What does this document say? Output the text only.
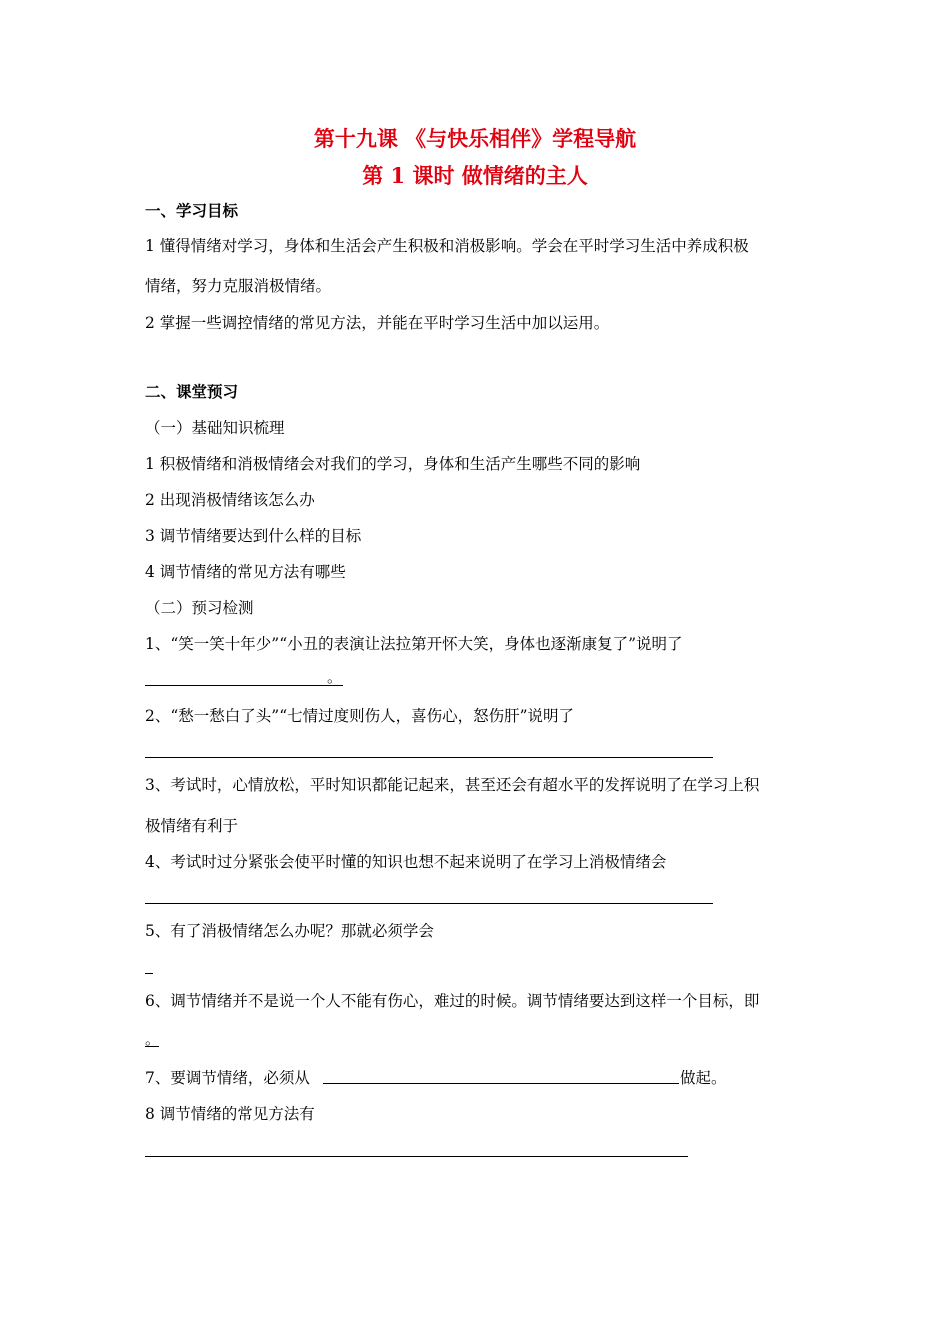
第十九课 《与快乐相伴》学程导航
第 1 课时 做情绪的主人
一、学习目标
1 懂得情绪对学习，身体和生活会产生积极和消极影响。学会在平时学习生活中养成积极
情绪，努力克服消极情绪。
2 掌握一些调控情绪的常见方法，并能在平时学习生活中加以运用。
二、课堂预习
（一）基础知识梳理
1 积极情绪和消极情绪会对我们的学习，身体和生活产生哪些不同的影响
2 出现消极情绪该怎么办
3 调节情绪要达到什么样的目标
4 调节情绪的常见方法有哪些
（二）预习检测
1、“笑一笑十年少”“小丑的表演让法拉第开怀大笑，身体也逐渐康复了”说明了
。
2、“愁一愁白了头”“七情过度则伤人，喜伤心，怒伤肝”说明了
3、考试时，心情放松，平时知识都能记起来，甚至还会有超水平的发挥说明了在学习上积
极情绪有利于
4、考试时过分紧张会使平时懂的知识也想不起来说明了在学习上消极情绪会
5、有了消极情绪怎么办呢？那就必须学会
6、调节情绪并不是说一个人不能有伤心，难过的时候。调节情绪要达到这样一个目标，即
。
7、要调节情绪，必须从	做起。
8 调节情绪的常见方法有
